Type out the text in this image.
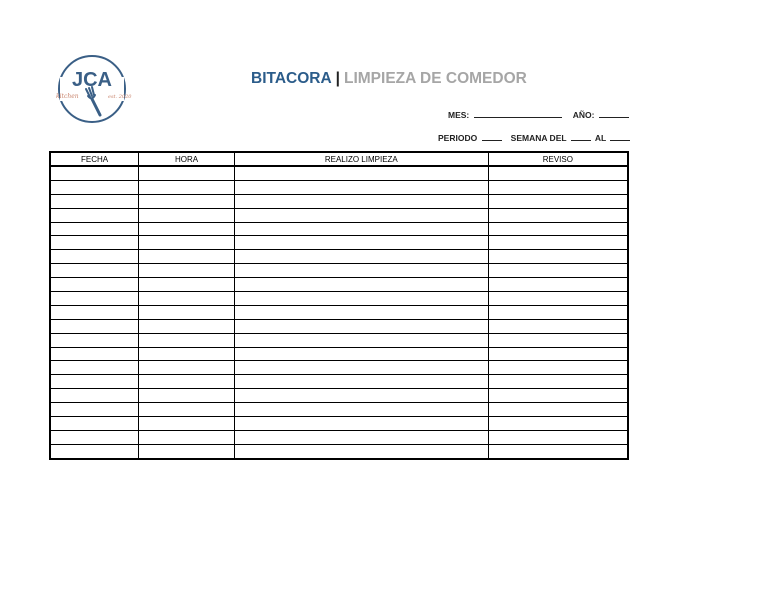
JCA
kitchen	est. 2020
BITACORA | LIMPIEZA DE COMEDOR
MES:	AÑO:
PERIODO	SEMANA DEL	AL
FECHA	HORA	REALIZO LIMPIEZA	REVISO
